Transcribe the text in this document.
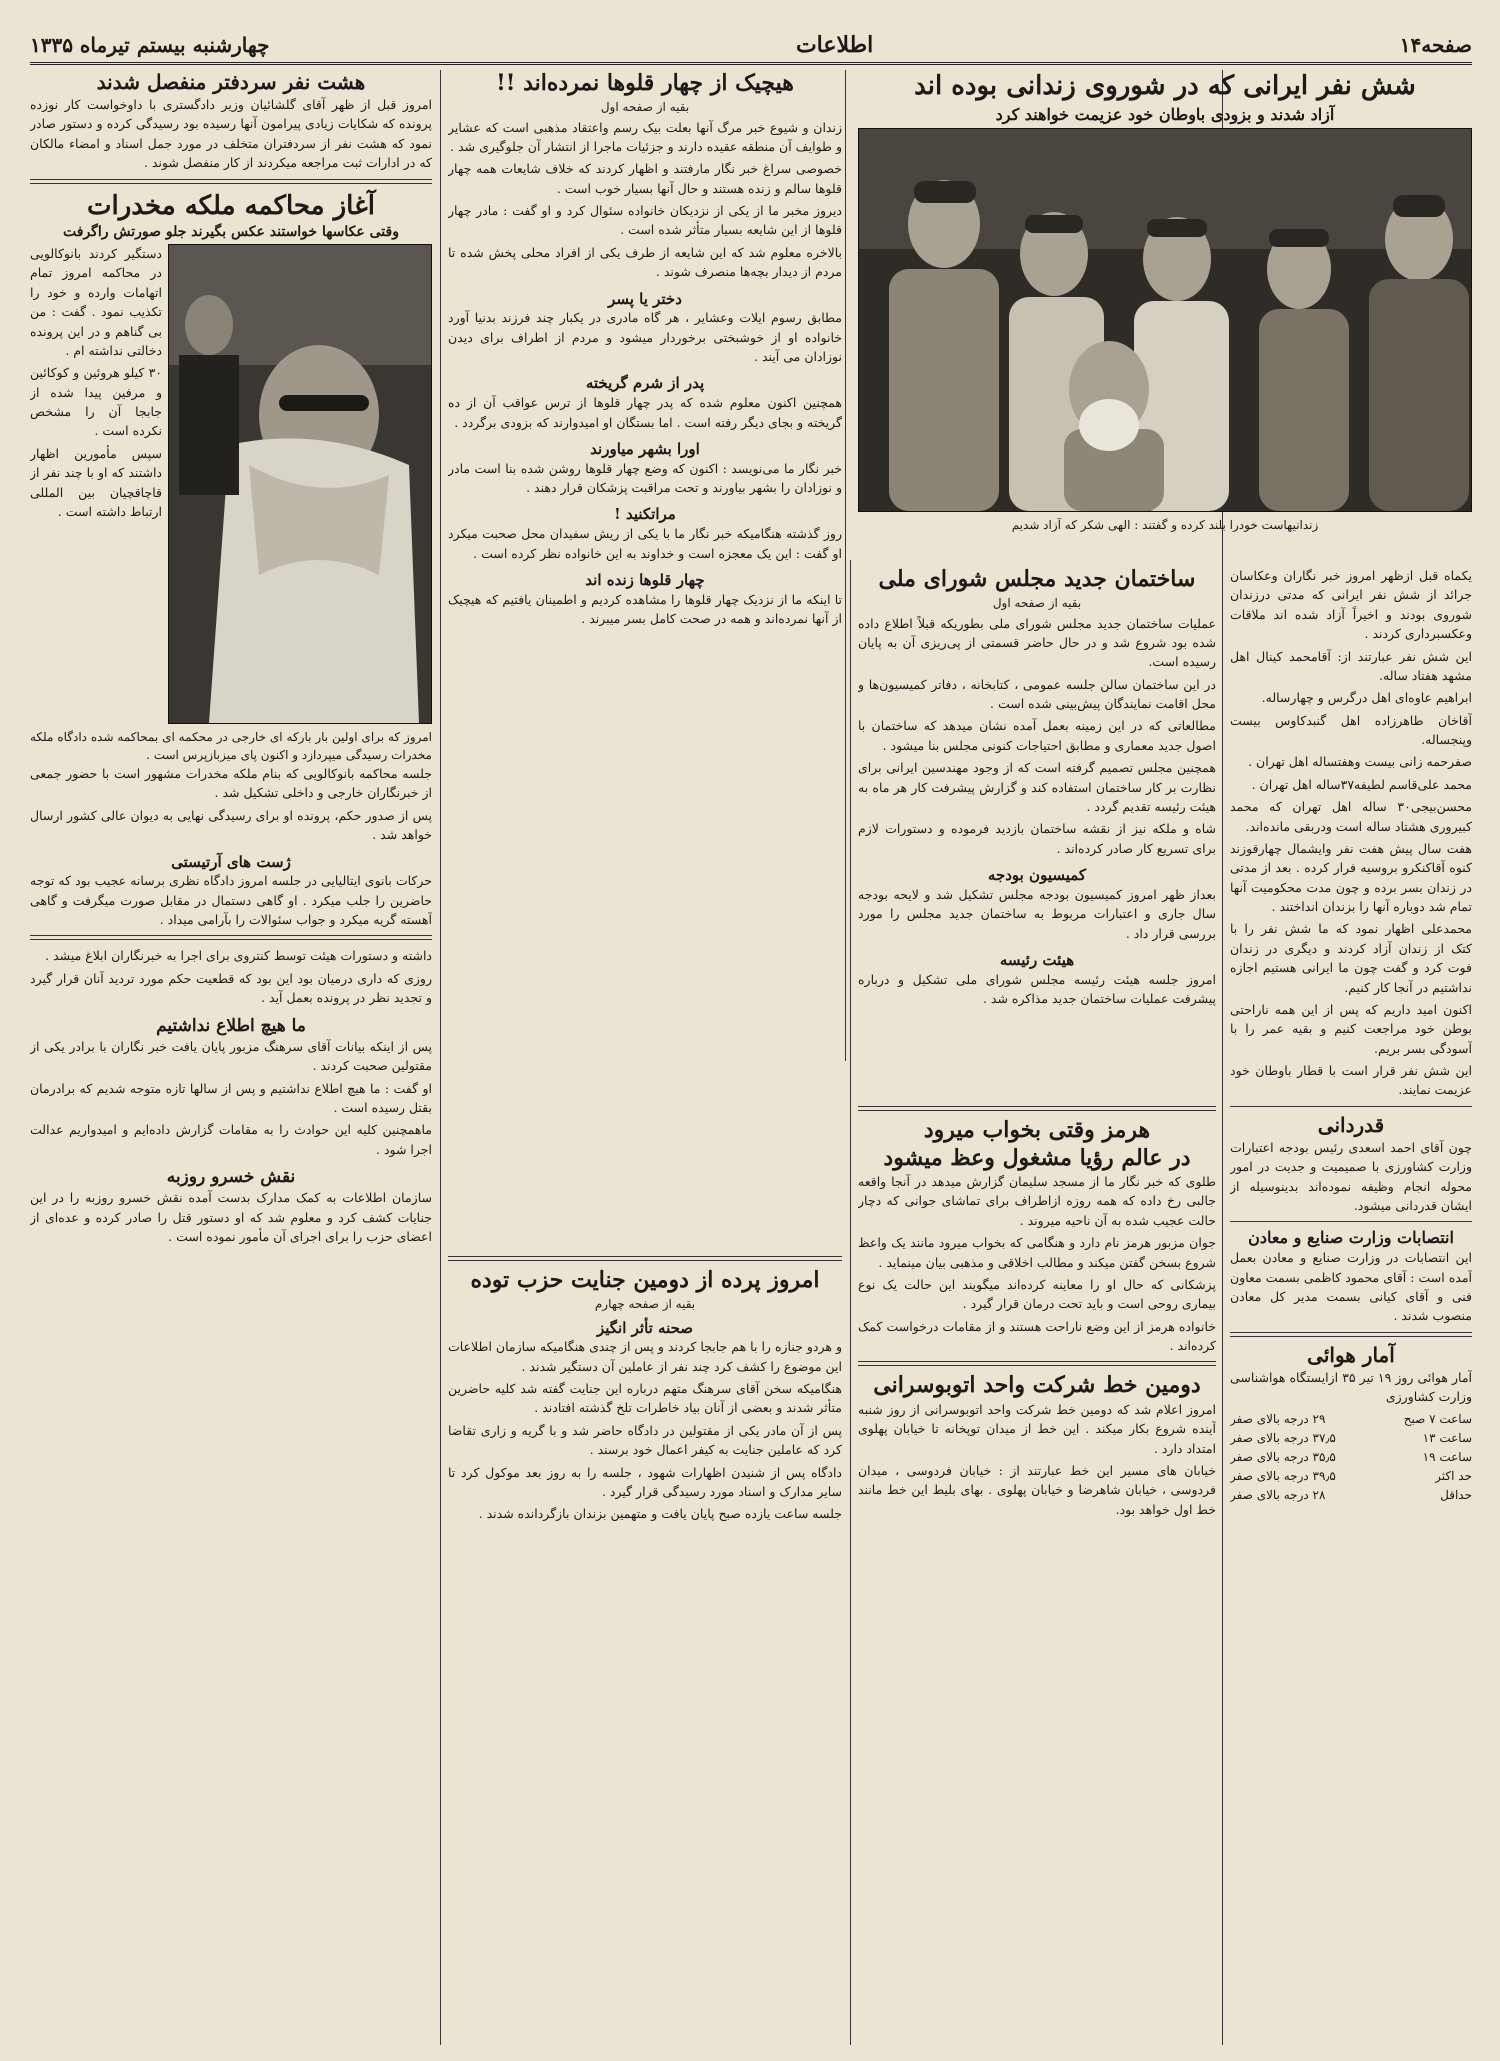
صفحه۱۴
اطلاعات
چهارشنبه بیستم تیرماه ۱۳۳۵
شش نفر ایرانی که در شوروی زندانی بوده اند
آزاد شدند و بزودی باوطان خود عزیمت خواهند کرد
زندانیهاست خودرا بلند کرده و گفتند : الهی شکر که آزاد شدیم

یکماه قبل ازظهر امروز خبر نگاران وعکاسان جرائد از شش نفر ایرانی که مدتی درزندان شوروی بودند و اخیراً آزاد شده اند ملاقات وعکسبرداری کردند .

این شش نفر عبارتند از: آقامحمد کینال اهل مشهد هفتاد ساله.

ابراهیم عاوه‌ای اهل درگرس و چهارساله.

آقاخان طاهرزاده اهل گنبدکاوس بیست وپنجساله.

صفرحمه زانی بیست وهفتساله اهل تهران .

محمد علی‌قاسم لطیفه۳۷ساله اهل تهران .

محسن‌بیجی۳۰ ساله اهل تهران که محمد کبیروری هشتاد ساله است ودربقی مانده‌اند.

هفت سال پیش هفت نفر وایشمال چهارقوزند کنوه آقاکنکرو بروسیه فرار کرده . بعد از مدتی در زندان بسر برده و چون مدت محکومیت آنها تمام شد دوباره آنها را بزندان انداختند .

محمدعلی اظهار نمود که ما شش نفر را با کتک از زندان آزاد کردند و دیگری در زندان فوت کرد و گفت چون ما ایرانی هستیم اجازه نداشتیم در آنجا کار کنیم.

اکنون امید داریم که پس از این همه ناراحتی بوطن خود مراجعت کنیم و بقیه عمر را با آسودگی بسر بریم.

این شش نفر قرار است با قطار باوطان خود عزیمت نمایند.

قدردانی

چون آقای احمد اسعدی رئیس بودجه اعتبارات وزارت کشاورزی با صمیمیت و جدیت در امور محوله انجام وظیفه نموده‌اند بدینوسیله از ایشان قدردانی میشود.

انتصابات وزارت صنایع و معادن

این انتصابات در وزارت صنایع و معادن بعمل آمده است : آقای محمود کاظمی بسمت معاون فنی و آقای کیانی بسمت مدیر کل معادن منصوب شدند .

آمار هوائی

آمار هوائی روز ۱۹ تیر ۳۵ ازایستگاه هواشناسی وزارت کشاورزی

ساعت ۷ صبح
۲۹ درجه بالای صفر
ساعت ۱۳
۳۷٫۵ درجه بالای صفر
ساعت ۱۹
۳۵٫۵ درجه بالای صفر
حد اکثر
۳۹٫۵ درجه بالای صفر
حداقل
۲۸ درجه بالای صفر
ساختمان جدید مجلس شورای ملی
بقیه از صفحه اول

عملیات ساختمان جدید مجلس شورای ملی بطوریکه قبلاً اطلاع داده شده بود شروع شد و در حال حاضر قسمتی از پی‌ریزی آن به پایان رسیده است.

در این ساختمان سالن جلسه عمومی ، کتابخانه ، دفاتر کمیسیون‌ها و محل اقامت نمایندگان پیش‌بینی شده است .

مطالعاتی که در این زمینه بعمل آمده نشان میدهد که ساختمان با اصول جدید معماری و مطابق احتیاجات کنونی مجلس بنا میشود .

همچنین مجلس تصمیم گرفته است که از وجود مهندسین ایرانی برای نظارت بر کار ساختمان استفاده کند و گزارش پیشرفت کار هر ماه به هیئت رئیسه تقدیم گردد .

شاه و ملکه نیز از نقشه ساختمان بازدید فرموده و دستورات لازم برای تسریع کار صادر کرده‌اند .

کمیسیون بودجه

بعداز ظهر امروز کمیسیون بودجه مجلس تشکیل شد و لایحه بودجه سال جاری و اعتبارات مربوط به ساختمان جدید مجلس را مورد بررسی قرار داد .

هیئت رئیسه

امروز جلسه هیئت رئیسه مجلس شورای ملی تشکیل و درباره پیشرفت عملیات ساختمان جدید مذاکره شد .

هرمز وقتی بخواب میرود
در عالم رؤیا مشغول وعظ میشود

طلوی که خبر نگار ما از مسجد سلیمان گزارش میدهد در آنجا واقعه جالبی رخ داده که همه روزه ازاطراف برای تماشای جوانی که دچار حالت عجیب شده به آن ناحیه میروند .

جوان مزبور هرمز نام دارد و هنگامی که بخواب میرود مانند یک واعظ شروع بسخن گفتن میکند و مطالب اخلاقی و مذهبی بیان مینماید .

پزشکانی که حال او را معاینه کرده‌اند میگویند این حالت یک نوع بیماری روحی است و باید تحت درمان قرار گیرد .

خانواده هرمز از این وضع ناراحت هستند و از مقامات درخواست کمک کرده‌اند .

دومین خط شرکت واحد اتوبوسرانی

امروز اعلام شد که دومین خط شرکت واحد اتوبوسرانی از روز شنبه آینده شروع بکار میکند . این خط از میدان توپخانه تا خیابان پهلوی امتداد دارد .

خیابان های مسیر این خط عبارتند از : خیابان فردوسی ، میدان فردوسی ، خیابان شاهرضا و خیابان پهلوی . بهای بلیط این خط مانند خط اول خواهد بود.

هیچیک از چهار قلوها نمرده‌اند !!
بقیه از صفحه اول

زندان و شیوع خبر مرگ آنها بعلت بیک رسم واعتقاد مذهبی است که عشایر و طوایف آن منطقه عقیده دارند و جزئیات ماجرا از انتشار آن جلوگیری شد .

خصوصی سراغ خبر نگار مارفتند و اظهار کردند که خلاف شایعات همه چهار قلوها سالم و زنده هستند و حال آنها بسیار خوب است .

دیروز مخبر ما از یکی از نزدیکان خانواده سئوال کرد و او گفت : مادر چهار قلوها از این شایعه بسیار متأثر شده است .

بالاخره معلوم شد که این شایعه از طرف یکی از افراد محلی پخش شده تا مردم از دیدار بچه‌ها منصرف شوند .

دختر یا پسر

مطابق رسوم ایلات وعشایر ، هر گاه مادری در یکبار چند فرزند بدنیا آورد خانواده او از خوشبختی برخوردار میشود و مردم از اطراف برای دیدن نوزادان می آیند .

پدر از شرم گریخته

همچنین اکنون معلوم شده که پدر چهار قلوها از ترس عواقب آن از ده گریخته و بجای دیگر رفته است . اما بستگان او امیدوارند که بزودی برگردد .

اورا بشهر میاورند

خبر نگار ما می‌نویسد : اکنون که وضع چهار قلوها روشن شده بنا است مادر و نوزادان را بشهر بیاورند و تحت مراقبت پزشکان قرار دهند .

مراتکنید !

روز گذشته هنگامیکه خبر نگار ما با یکی از ریش سفیدان محل صحبت میکرد او گفت : این یک معجزه است و خداوند به این خانواده نظر کرده است .

چهار قلوها زنده اند

تا اینکه ما از نزدیک چهار قلوها را مشاهده کردیم و اطمینان یافتیم که هیچیک از آنها نمرده‌اند و همه در صحت کامل بسر میبرند .

امروز پرده از دومین جنایت حزب توده
بقیه از صفحه چهارم
صحنه تأثر انگیز

و هردو جنازه را با هم جابجا کردند و پس از چندی هنگامیکه سازمان اطلاعات این موضوع را کشف کرد چند نفر از عاملین آن دستگیر شدند .

هنگامیکه سخن آقای سرهنگ متهم درباره این جنایت گفته شد کلیه حاضرین متأثر شدند و بعضی از آنان بیاد خاطرات تلخ گذشته افتادند .

پس از آن مادر یکی از مقتولین در دادگاه حاضر شد و با گریه و زاری تقاضا کرد که عاملین جنایت به کیفر اعمال خود برسند .

دادگاه پس از شنیدن اظهارات شهود ، جلسه را به روز بعد موکول کرد تا سایر مدارک و اسناد مورد رسیدگی قرار گیرد .

جلسه ساعت یازده صبح پایان یافت و متهمین بزندان بازگردانده شدند .

هشت نفر سردفتر منفصل شدند

امروز قبل از ظهر آقای گلشائیان وزیر دادگستری با داوخواست کار نوزده پرونده که شکایات زیادی پیرامون آنها رسیده بود رسیدگی کرده و دستور صادر نمود که هشت نفر از سردفتران متخلف در مورد جمل اسناد و امضاء مالکان که در ادارات ثبت مراجعه میکردند از کار منفصل شوند .

آغاز محاکمه ملکه مخدرات
وقتی عکاسها خواستند عکس بگیرند جلو صورتش راگرفت

دستگیر کردند بانوکالویی در محاکمه امروز تمام اتهامات وارده و خود را تکذیب نمود . گفت : من بی گناهم و در این پرونده دخالتی نداشته ام .

۳۰ کیلو هروئین و کوکائین و مرفین پیدا شده از جابجا آن را مشخص نکرده است .

سپس مأمورین اظهار داشتند که او با چند نفر از قاچاقچیان بین المللی ارتباط داشته است .

امروز که برای اولین بار بارکه ای خارجی در محکمه ای بمحاکمه شده دادگاه ملکه مخدرات رسیدگی میپردازد و اکنون پای میزبازپرس است .

جلسه محاکمه بانوکالویی که بنام ملکه مخدرات مشهور است با حضور جمعی از خبرنگاران خارجی و داخلی تشکیل شد .

پس از صدور حکم، پرونده او برای رسیدگی نهایی به دیوان عالی کشور ارسال خواهد شد .

ژست های آرتیستی

حرکات بانوی ایتالیایی در جلسه امروز دادگاه نظری برسانه عجیب بود که توجه حاضرین را جلب میکرد . او گاهی دستمال در مقابل صورت میگرفت و گاهی آهسته گریه میکرد و جواب سئوالات را بآرامی میداد .

داشته و دستورات هیئت توسط کنتروی برای اجرا به خبرنگاران ابلاغ میشد .

روزی که داری درمیان بود این بود که قطعیت حکم مورد تردید آنان قرار گیرد و تجدید نظر در پرونده بعمل آید .

ما هیچ اطلاع نداشتیم

پس از اینکه بیانات آقای سرهنگ مزبور پایان یافت خبر نگاران با برادر یکی از مقتولین صحبت کردند .

او گفت : ما هیچ اطلاع نداشتیم و پس از سالها تازه متوجه شدیم که برادرمان بقتل رسیده است .

ماهمچنین کلیه این حوادث را به مقامات گزارش داده‌ایم و امیدواریم عدالت اجرا شود .

نقش خسرو روزبه

سازمان اطلاعات به کمک مدارک بدست آمده نقش خسرو روزبه را در این جنایات کشف کرد و معلوم شد که او دستور قتل را صادر کرده و عده‌ای از اعضای حزب را برای اجرای آن مأمور نموده است .
